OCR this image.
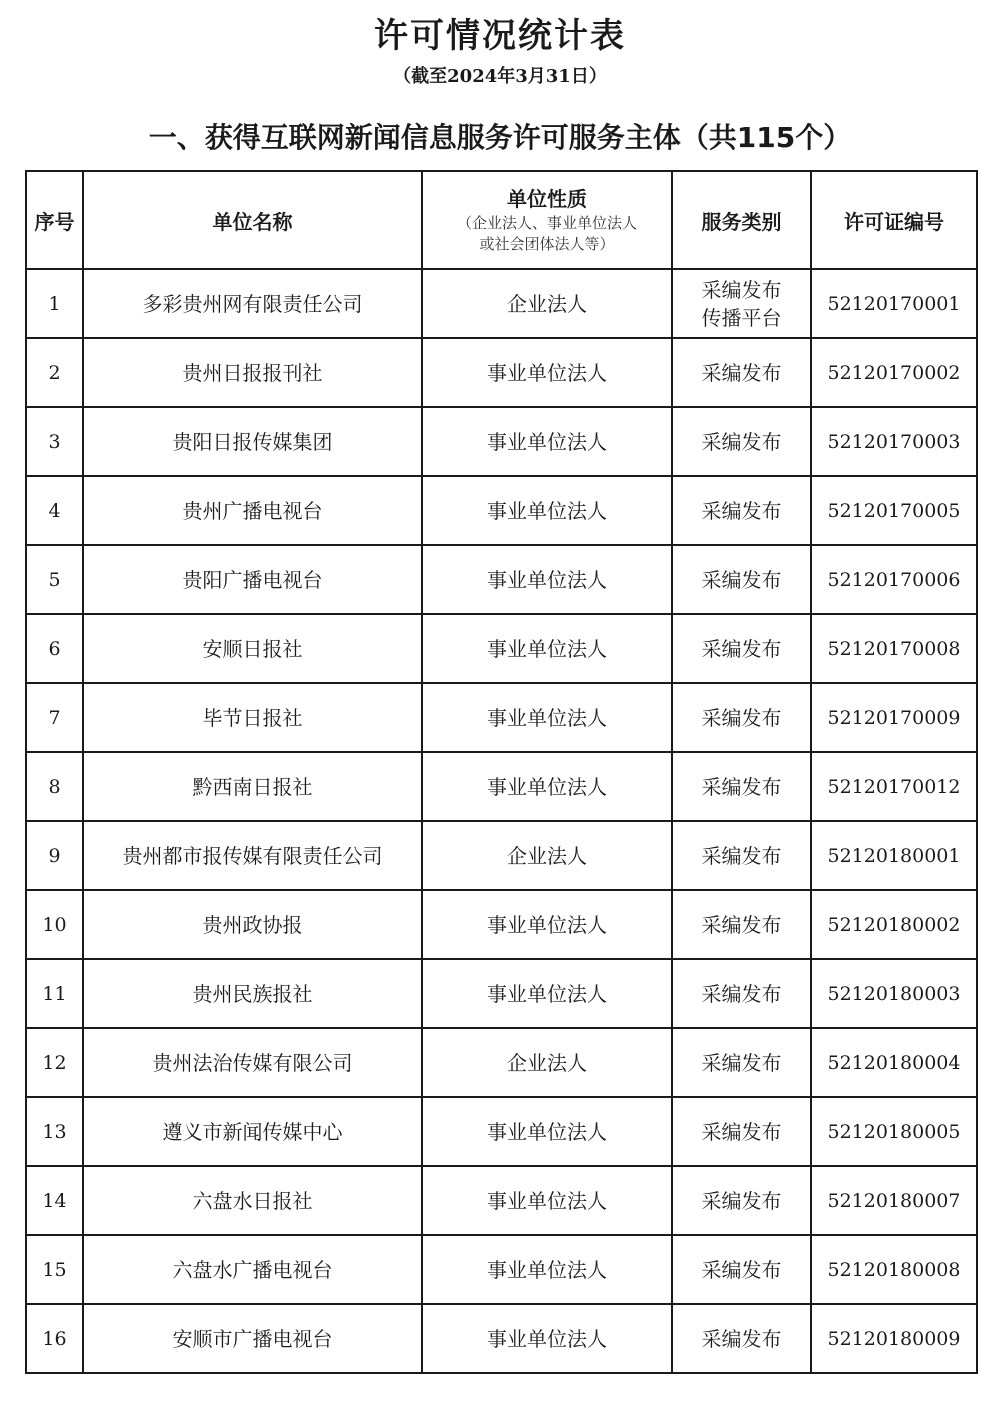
许可情况统计表
（截至2024年3月31日）
一、获得互联网新闻信息服务许可服务主体（共115个）
序号	单位名称	单位性质
（企业法人、事业单位法人
或社会团体法人等）	服务类别	许可证编号
1	多彩贵州网有限责任公司	企业法人	采编发布
传播平台	52120170001
2	贵州日报报刊社	事业单位法人	采编发布	52120170002
3	贵阳日报传媒集团	事业单位法人	采编发布	52120170003
4	贵州广播电视台	事业单位法人	采编发布	52120170005
5	贵阳广播电视台	事业单位法人	采编发布	52120170006
6	安顺日报社	事业单位法人	采编发布	52120170008
7	毕节日报社	事业单位法人	采编发布	52120170009
8	黔西南日报社	事业单位法人	采编发布	52120170012
9	贵州都市报传媒有限责任公司	企业法人	采编发布	52120180001
10	贵州政协报	事业单位法人	采编发布	52120180002
11	贵州民族报社	事业单位法人	采编发布	52120180003
12	贵州法治传媒有限公司	企业法人	采编发布	52120180004
13	遵义市新闻传媒中心	事业单位法人	采编发布	52120180005
14	六盘水日报社	事业单位法人	采编发布	52120180007
15	六盘水广播电视台	事业单位法人	采编发布	52120180008
16	安顺市广播电视台	事业单位法人	采编发布	52120180009
